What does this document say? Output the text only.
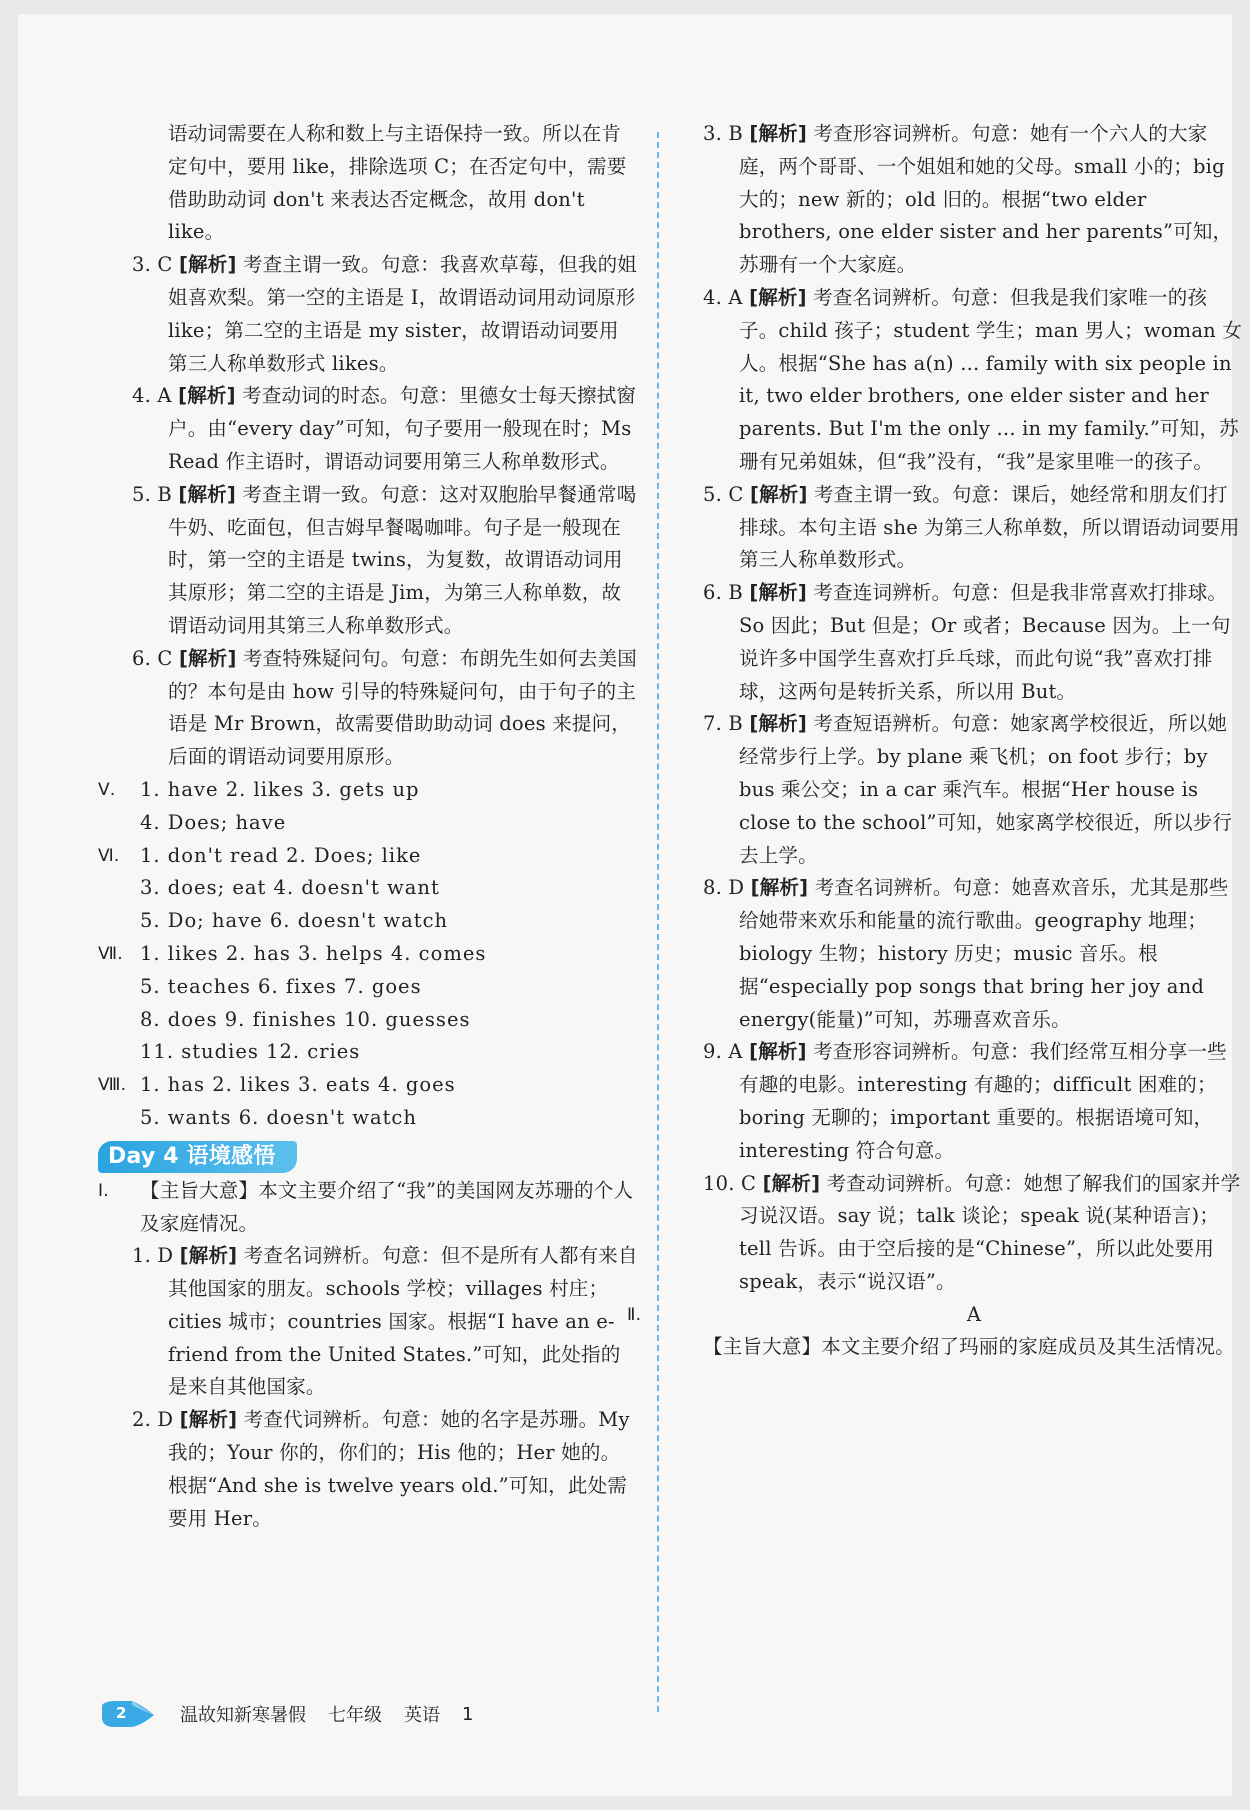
语动词需要在人称和数上与主语保持一致。所以在肯定句中，要用 like，排除选项 C；在否定句中，需要借助助动词 don't 来表达否定概念，故用 don't like。
3. C [解析] 考查主谓一致。句意：我喜欢草莓，但我的姐姐喜欢梨。第一空的主语是 I，故谓语动词用动词原形 like；第二空的主语是 my sister，故谓语动词要用第三人称单数形式 likes。
4. A [解析] 考查动词的时态。句意：里德女士每天擦拭窗户。由“every day”可知，句子要用一般现在时；Ms Read 作主语时，谓语动词要用第三人称单数形式。
5. B [解析] 考查主谓一致。句意：这对双胞胎早餐通常喝牛奶、吃面包，但吉姆早餐喝咖啡。句子是一般现在时，第一空的主语是 twins，为复数，故谓语动词用其原形；第二空的主语是 Jim，为第三人称单数，故谓语动词用其第三人称单数形式。
6. C [解析] 考查特殊疑问句。句意：布朗先生如何去美国的？本句是由 how 引导的特殊疑问句，由于句子的主语是 Mr Brown，故需要借助助动词 does 来提问，后面的谓语动词要用原形。
Ⅴ.	1. have 2. likes 3. gets up
4. Does; have
Ⅵ.	1. don't read 2. Does; like
3. does; eat 4. doesn't want
5. Do; have 6. doesn't watch
Ⅶ. 1. likes 2. has 3. helps 4. comes
5. teaches 6. fixes 7. goes
8. does 9. finishes 10. guesses
11. studies 12. cries
Ⅷ. 1. has 2. likes 3. eats 4. goes
5. wants 6. doesn't watch
Day 4 语境感悟
Ⅰ.	【主旨大意】本文主要介绍了“我”的美国网友苏珊的个人及家庭情况。
1. D [解析] 考查名词辨析。句意：但不是所有人都有来自其他国家的朋友。schools 学校；villages 村庄；cities 城市；countries 国家。根据“I have an e-friend from the United States.”可知，此处指的是来自其他国家。
2. D [解析] 考查代词辨析。句意：她的名字是苏珊。My 我的；Your 你的，你们的；His 他的；Her 她的。根据“And she is twelve years old.”可知，此处需要用 Her。
3. B [解析] 考查形容词辨析。句意：她有一个六人的大家庭，两个哥哥、一个姐姐和她的父母。small 小的；big 大的；new 新的；old 旧的。根据“two elder brothers, one elder sister and her parents”可知，苏珊有一个大家庭。
4. A [解析] 考查名词辨析。句意：但我是我们家唯一的孩子。child 孩子；student 学生；man 男人；woman 女人。根据“She has a(n) ... family with six people in it, two elder brothers, one elder sister and her parents. But I'm the only ... in my family.”可知，苏珊有兄弟姐妹，但“我”没有，“我”是家里唯一的孩子。
5. C [解析] 考查主谓一致。句意：课后，她经常和朋友们打排球。本句主语 she 为第三人称单数，所以谓语动词要用第三人称单数形式。
6. B [解析] 考查连词辨析。句意：但是我非常喜欢打排球。So 因此；But 但是；Or 或者；Because 因为。上一句说许多中国学生喜欢打乒乓球，而此句说“我”喜欢打排球，这两句是转折关系，所以用 But。
7. B [解析] 考查短语辨析。句意：她家离学校很近，所以她经常步行上学。by plane 乘飞机；on foot 步行；by bus 乘公交；in a car 乘汽车。根据“Her house is close to the school”可知，她家离学校很近，所以步行去上学。
8. D [解析] 考查名词辨析。句意：她喜欢音乐，尤其是那些给她带来欢乐和能量的流行歌曲。geography 地理；biology 生物；history 历史；music 音乐。根据“especially pop songs that bring her joy and energy(能量)”可知，苏珊喜欢音乐。
9. A [解析] 考查形容词辨析。句意：我们经常互相分享一些有趣的电影。interesting 有趣的；difficult 困难的；boring 无聊的；important 重要的。根据语境可知，interesting 符合句意。
10. C [解析] 考查动词辨析。句意：她想了解我们的国家并学习说汉语。say 说；talk 谈论；speak 说(某种语言)；tell 告诉。由于空后接的是“Chinese”，所以此处要用 speak，表示“说汉语”。
Ⅱ.	A
【主旨大意】本文主要介绍了玛丽的家庭成员及其生活情况。
2	温故知新寒暑假 七年级 英语 1
